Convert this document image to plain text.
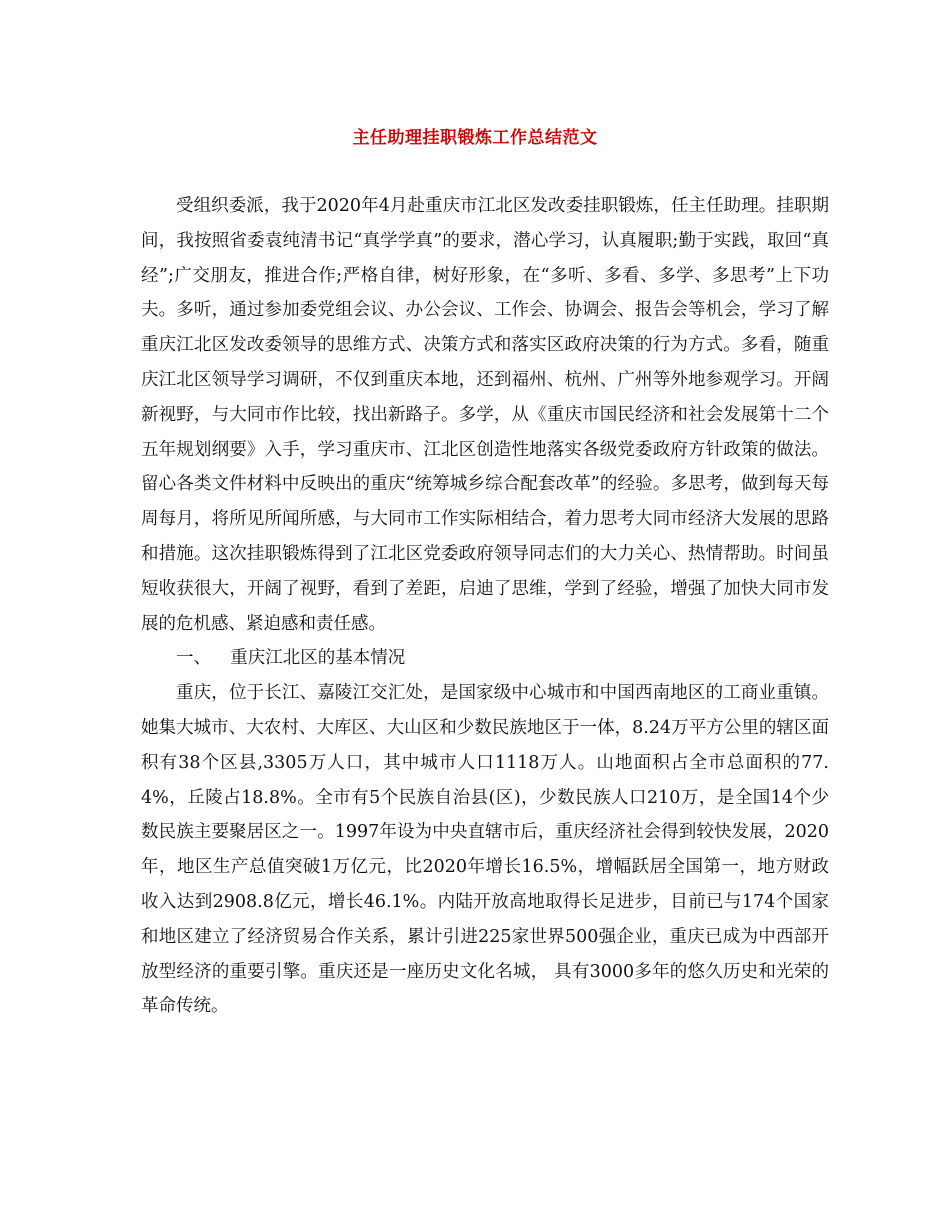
主任助理挂职锻炼工作总结范文

受组织委派，我于2020年4月赴重庆市江北区发改委挂职锻炼，任主任助理。挂职期间，我按照省委袁纯清书记“真学学真”的要求，潜心学习，认真履职;勤于实践，取回“真经”;广交朋友，推进合作;严格自律，树好形象，在“多听、多看、多学、多思考”上下功夫。多听，通过参加委党组会议、办公会议、工作会、协调会、报告会等机会，学习了解重庆江北区发改委领导的思维方式、决策方式和落实区政府决策的行为方式。多看，随重庆江北区领导学习调研，不仅到重庆本地，还到福州、杭州、广州等外地参观学习。开阔新视野，与大同市作比较，找出新路子。多学，从《重庆市国民经济和社会发展第十二个五年规划纲要》入手，学习重庆市、江北区创造性地落实各级党委政府方针政策的做法。留心各类文件材料中反映出的重庆“统筹城乡综合配套改革”的经验。多思考，做到每天每周每月，将所见所闻所感，与大同市工作实际相结合，着力思考大同市经济大发展的思路和措施。这次挂职锻炼得到了江北区党委政府领导同志们的大力关心、热情帮助。时间虽短收获很大，开阔了视野，看到了差距，启迪了思维，学到了经验，增强了加快大同市发展的危机感、紧迫感和责任感。

一、 重庆江北区的基本情况

重庆，位于长江、嘉陵江交汇处，是国家级中心城市和中国西南地区的工商业重镇。她集大城市、大农村、大库区、大山区和少数民族地区于一体，8.24万平方公里的辖区面积有38个区县,3305万人口，其中城市人口1118万人。山地面积占全市总面积的77.4%，丘陵占18.8%。全市有5个民族自治县(区)，少数民族人口210万，是全国14个少数民族主要聚居区之一。1997年设为中央直辖市后，重庆经济社会得到较快发展，2020年，地区生产总值突破1万亿元，比2020年增长16.5%，增幅跃居全国第一，地方财政收入达到2908.8亿元，增长46.1%。内陆开放高地取得长足进步，目前已与174个国家和地区建立了经济贸易合作关系，累计引进225家世界500强企业，重庆已成为中西部开放型经济的重要引擎。重庆还是一座历史文化名城， 具有3000多年的悠久历史和光荣的革命传统。
